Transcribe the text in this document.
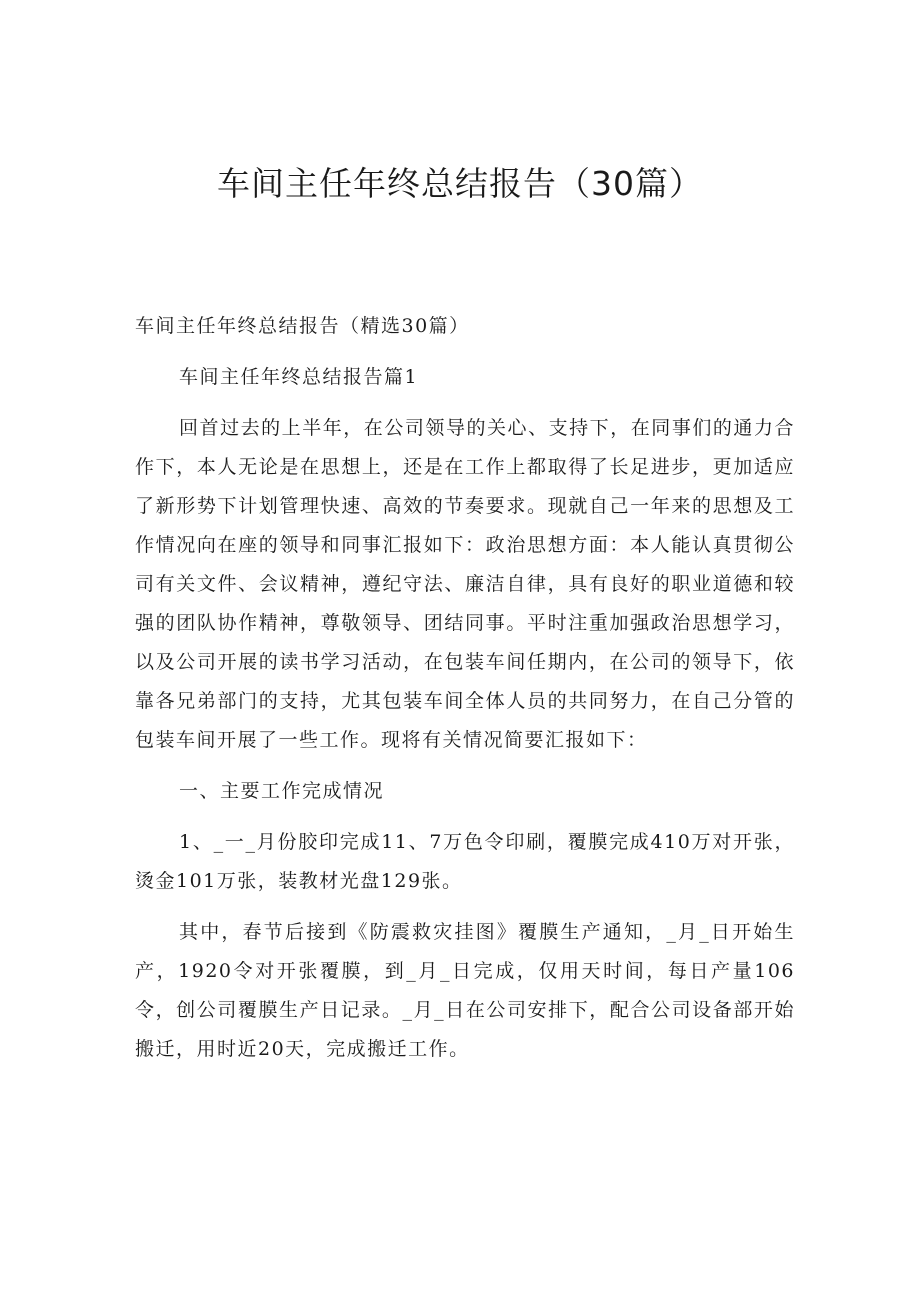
车间主任年终总结报告（30篇）

车间主任年终总结报告（精选30篇）

车间主任年终总结报告篇1

回首过去的上半年，在公司领导的关心、支持下，在同事们的通力合作下，本人无论是在思想上，还是在工作上都取得了长足进步，更加适应了新形势下计划管理快速、高效的节奏要求。现就自己一年来的思想及工作情况向在座的领导和同事汇报如下：政治思想方面：本人能认真贯彻公司有关文件、会议精神，遵纪守法、廉洁自律，具有良好的职业道德和较强的团队协作精神，尊敬领导、团结同事。平时注重加强政治思想学习，以及公司开展的读书学习活动，在包装车间任期内，在公司的领导下，依靠各兄弟部门的支持，尤其包装车间全体人员的共同努力，在自己分管的包装车间开展了一些工作。现将有关情况简要汇报如下：

一、主要工作完成情况

1、_一_月份胶印完成11、7万色令印刷，覆膜完成410万对开张，烫金101万张，装教材光盘129张。

其中，春节后接到《防震救灾挂图》覆膜生产通知，_月_日开始生产，1920令对开张覆膜，到_月_日完成，仅用天时间，每日产量106令，创公司覆膜生产日记录。_月_日在公司安排下，配合公司设备部开始搬迁，用时近20天，完成搬迁工作。
